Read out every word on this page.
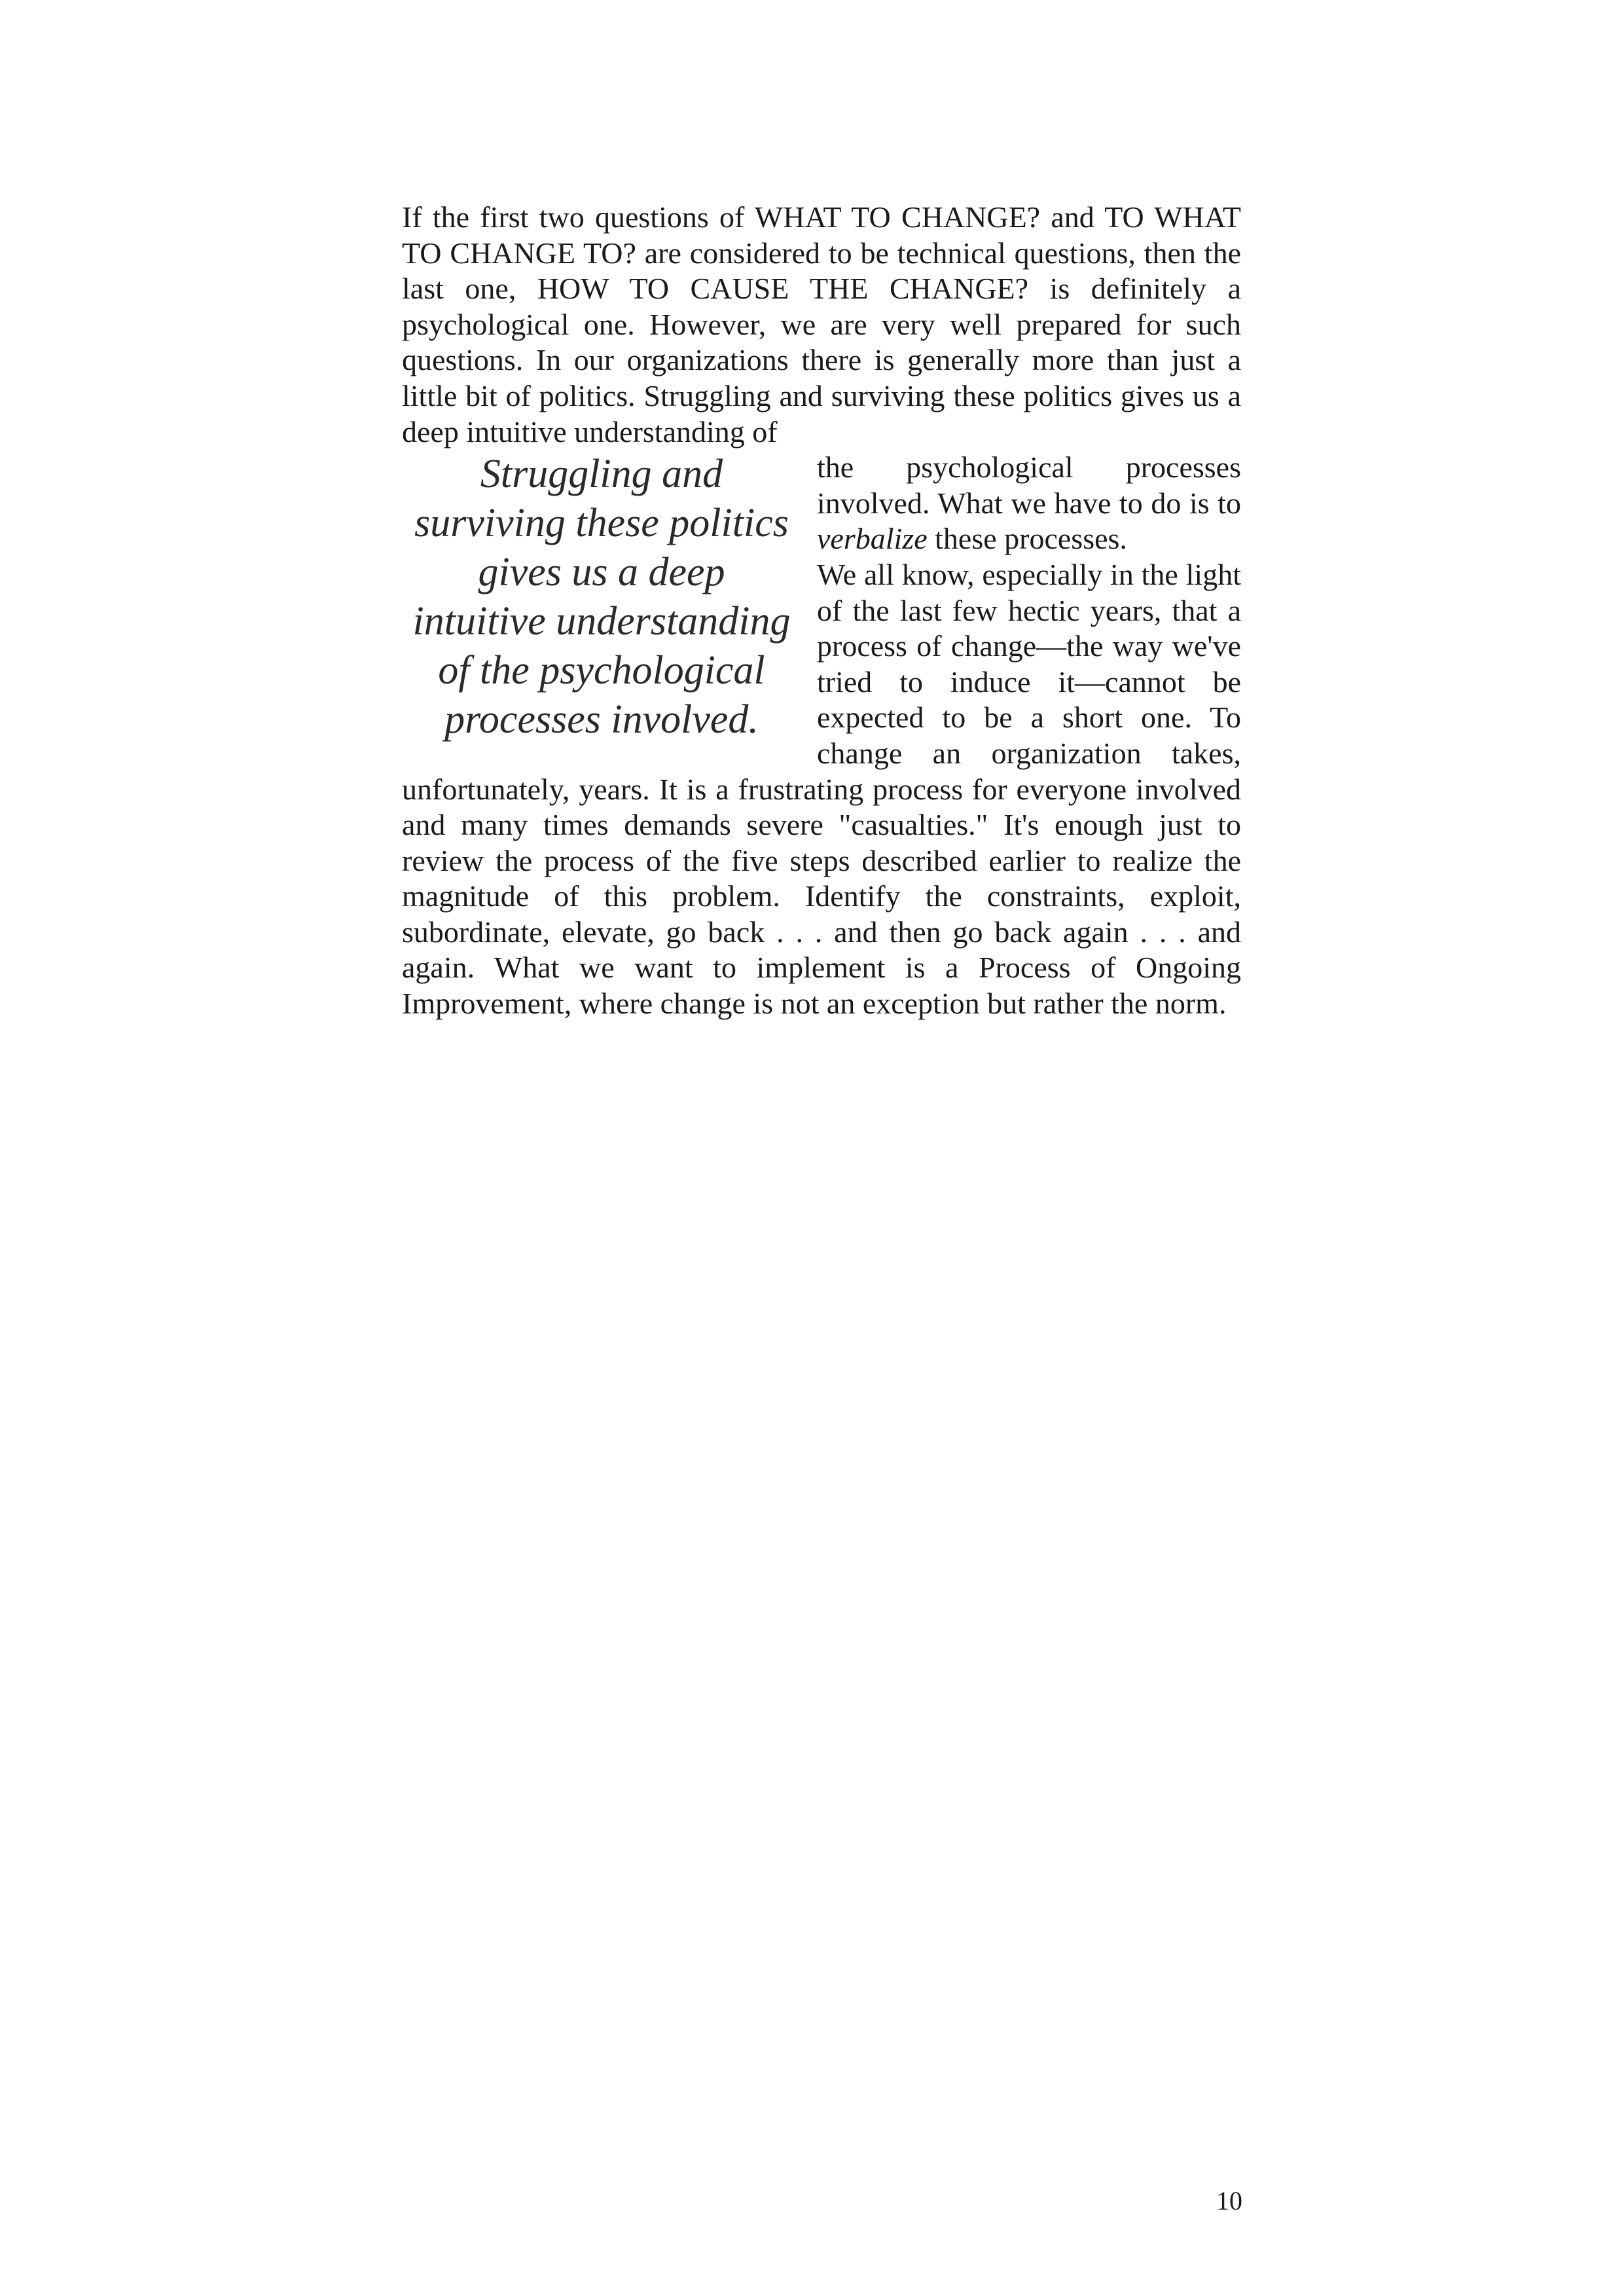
If the first two questions of WHAT TO CHANGE? and TO WHAT TO CHANGE TO? are considered to be technical questions, then the last one, HOW TO CAUSE THE CHANGE? is definitely a psychological one. However, we are very well prepared for such questions. In our organizations there is generally more than just a little bit of politics. Struggling and surviving these politics gives us a deep intuitive understanding of

Struggling and
surviving these politics
gives us a deep
intuitive understanding
of the psychological
processes involved.
the psychological processes involved. What we have to do is to verbalize these processes.

We all know, especially in the light of the last few hectic years, that a process of change—the way we've tried to induce it—cannot be expected to be a short one. To change an organization takes, unfortunately, years. It is a frustrating process for everyone involved and many times demands severe "casualties." It's enough just to review the process of the five steps described earlier to realize the magnitude of this problem. Identify the constraints, exploit, subordinate, elevate, go back . . . and then go back again . . . and again. What we want to implement is a Process of Ongoing Improvement, where change is not an exception but rather the norm.

10
